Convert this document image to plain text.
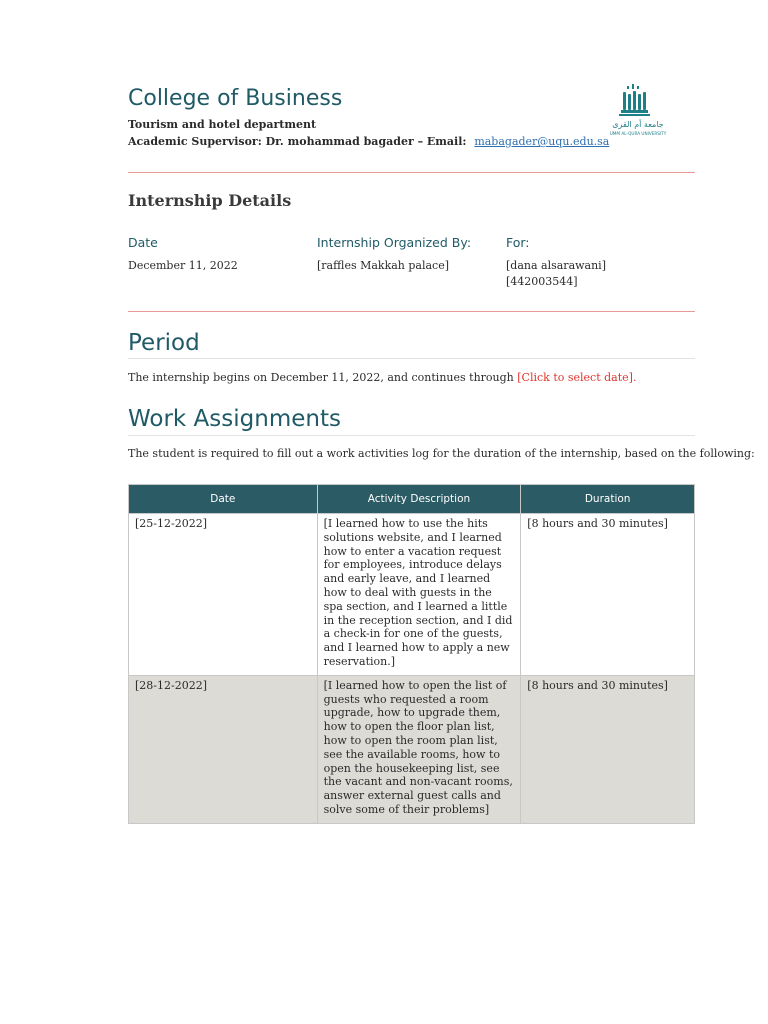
College of Business
Tourism and hotel department
Academic Supervisor: Dr. mohammad bagader – Email: mabagader@uqu.edu.sa
جامعة أم القرى
UMM AL-QURA UNIVERSITY
Internship Details
Date	Internship Organized By:	For:
December 11, 2022	[raffles Makkah palace]	[dana alsarawani]
[442003544]
Period
The internship begins on December 11, 2022, and continues through [Click to select date].
Work Assignments
The student is required to fill out a work activities log for the duration of the internship, based on the following:
Date	Activity Description	Duration
[25-12-2022]	[I learned how to use the hits solutions website, and I learned how to enter a vacation request for employees, introduce delays and early leave, and I learned how to deal with guests in the spa section, and I learned a little in the reception section, and I did a check-in for one of the guests, and I learned how to apply a new reservation.]	[8 hours and 30 minutes]
[28-12-2022]	[I learned how to open the list of guests who requested a room upgrade, how to upgrade them, how to open the floor plan list, how to open the room plan list, see the available rooms, how to open the housekeeping list, see the vacant and non-vacant rooms, answer external guest calls and solve some of their problems]	[8 hours and 30 minutes]
